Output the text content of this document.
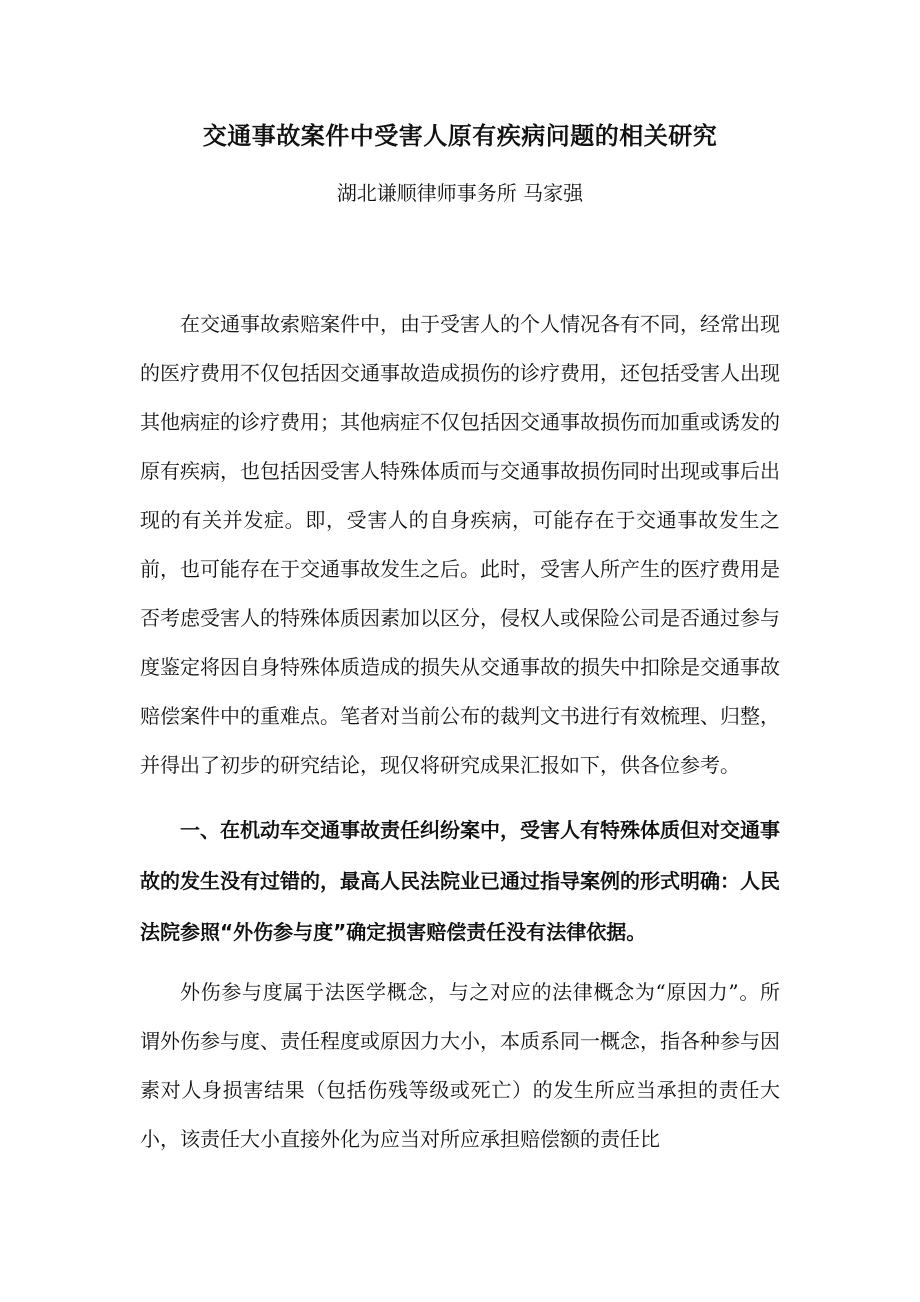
交通事故案件中受害人原有疾病问题的相关研究

湖北谦顺律师事务所 马家强

在交通事故索赔案件中，由于受害人的个人情况各有不同，经常出现的医疗费用不仅包括因交通事故造成损伤的诊疗费用，还包括受害人出现其他病症的诊疗费用；其他病症不仅包括因交通事故损伤而加重或诱发的原有疾病，也包括因受害人特殊体质而与交通事故损伤同时出现或事后出现的有关并发症。即，受害人的自身疾病，可能存在于交通事故发生之前，也可能存在于交通事故发生之后。此时，受害人所产生的医疗费用是否考虑受害人的特殊体质因素加以区分，侵权人或保险公司是否通过参与度鉴定将因自身特殊体质造成的损失从交通事故的损失中扣除是交通事故赔偿案件中的重难点。笔者对当前公布的裁判文书进行有效梳理、归整，并得出了初步的研究结论，现仅将研究成果汇报如下，供各位参考。

一、在机动车交通事故责任纠纷案中，受害人有特殊体质但对交通事故的发生没有过错的，最高人民法院业已通过指导案例的形式明确：人民法院参照“外伤参与度”确定损害赔偿责任没有法律依据。

外伤参与度属于法医学概念，与之对应的法律概念为“原因力”。所谓外伤参与度、责任程度或原因力大小，本质系同一概念，指各种参与因素对人身损害结果（包括伤残等级或死亡）的发生所应当承担的责任大小，该责任大小直接外化为应当对所应承担赔偿额的责任比
